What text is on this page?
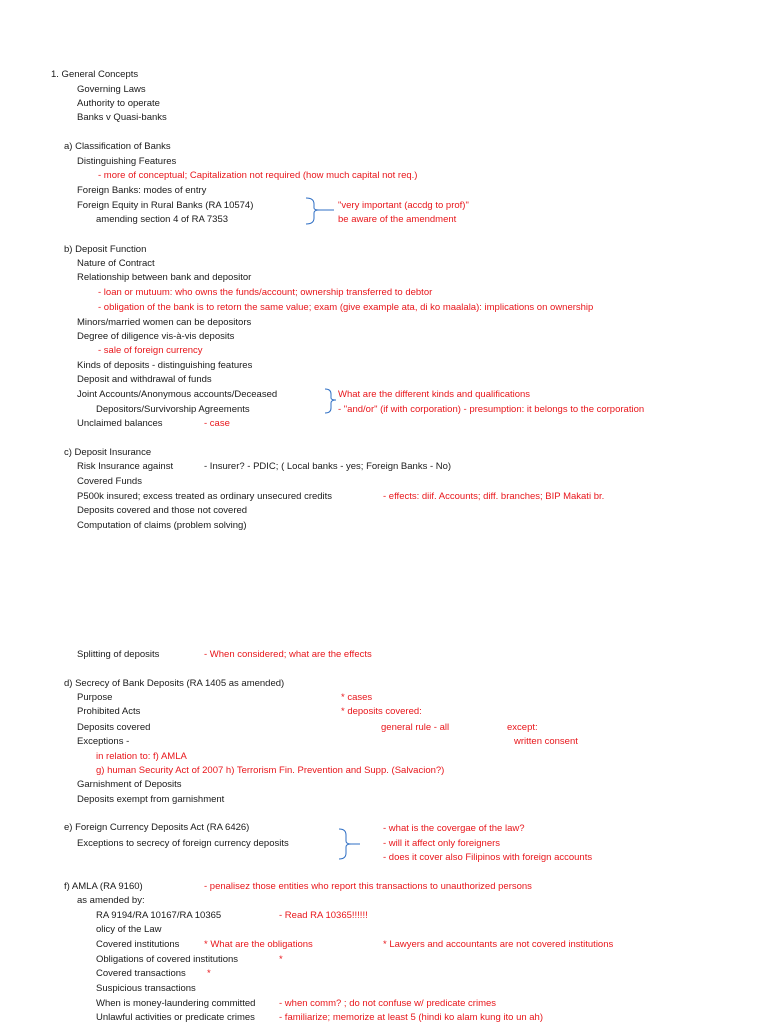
1. General Concepts
Governing Laws
Authority to operate
Banks v Quasi-banks
a) Classification of Banks
Distinguishing Features
- more of conceptual; Capitalization not required (how much capital not req.)
Foreign Banks: modes of entry
Foreign Equity in Rural Banks (RA 10574)
amending section 4 of RA 7353
"very important (accdg to prof)"
be aware of the amendment
b) Deposit Function
Nature of Contract
Relationship between bank and depositor
- loan or mutuum: who owns the funds/account; ownership transferred to debtor
- obligation of the bank is to retorn the same value; exam (give example ata, di ko maalala): implications on ownership
Minors/married women can be depositors
Degree of diligence vis-à-vis deposits
- sale of foreign currency
Kinds of deposits - distinguishing features
Deposit and withdrawal of funds
Joint Accounts/Anonymous accounts/Deceased
Depositors/Survivorship Agreements
What are the different kinds and qualifications
- "and/or" (if with corporation) - presumption: it belongs to the corporation
Unclaimed balances	- case
c) Deposit Insurance
Risk Insurance against	- Insurer? - PDIC; ( Local banks - yes; Foreign Banks - No)
Covered Funds
P500k insured; excess treated as ordinary unsecured credits	- effects: diif. Accounts; diff. branches; BIP Makati br.
Deposits covered and those not covered
Computation of claims (problem solving)
Splitting of deposits	- When considered; what are the effects
d) Secrecy of Bank Deposits (RA 1405 as amended)
Purpose	* cases
Prohibited Acts	* deposits covered:
Deposits covered	general rule - all	except:
Exceptions -	written consent
in relation to: f) AMLA
g) human Security Act of 2007 h) Terrorism Fin. Prevention and Supp. (Salvacion?)
Garnishment of Deposits
Deposits exempt from garnishment
e) Foreign Currency Deposits Act (RA 6426)
Exceptions to secrecy of foreign currency deposits
- what is the covergae of the law?
- will it affect only foreigners
- does it cover also Filipinos with foreign accounts
f) AMLA (RA 9160)	- penalisez those entities who report this transactions to unauthorized persons
as amended by:
RA 9194/RA 10167/RA 10365	- Read RA 10365!!!!!!
olicy of the Law
Covered institutions	* What are the obligations	* Lawyers and accountants are not covered institutions
Obligations of covered institutions	*
Covered transactions *
Suspicious transactions
When is money-laundering committed - when comm? ; do not confuse w/ predicate crimes
Unlawful activities or predicate crimes	- familiarize; memorize at least 5 (hindi ko alam kung ito un ah)
